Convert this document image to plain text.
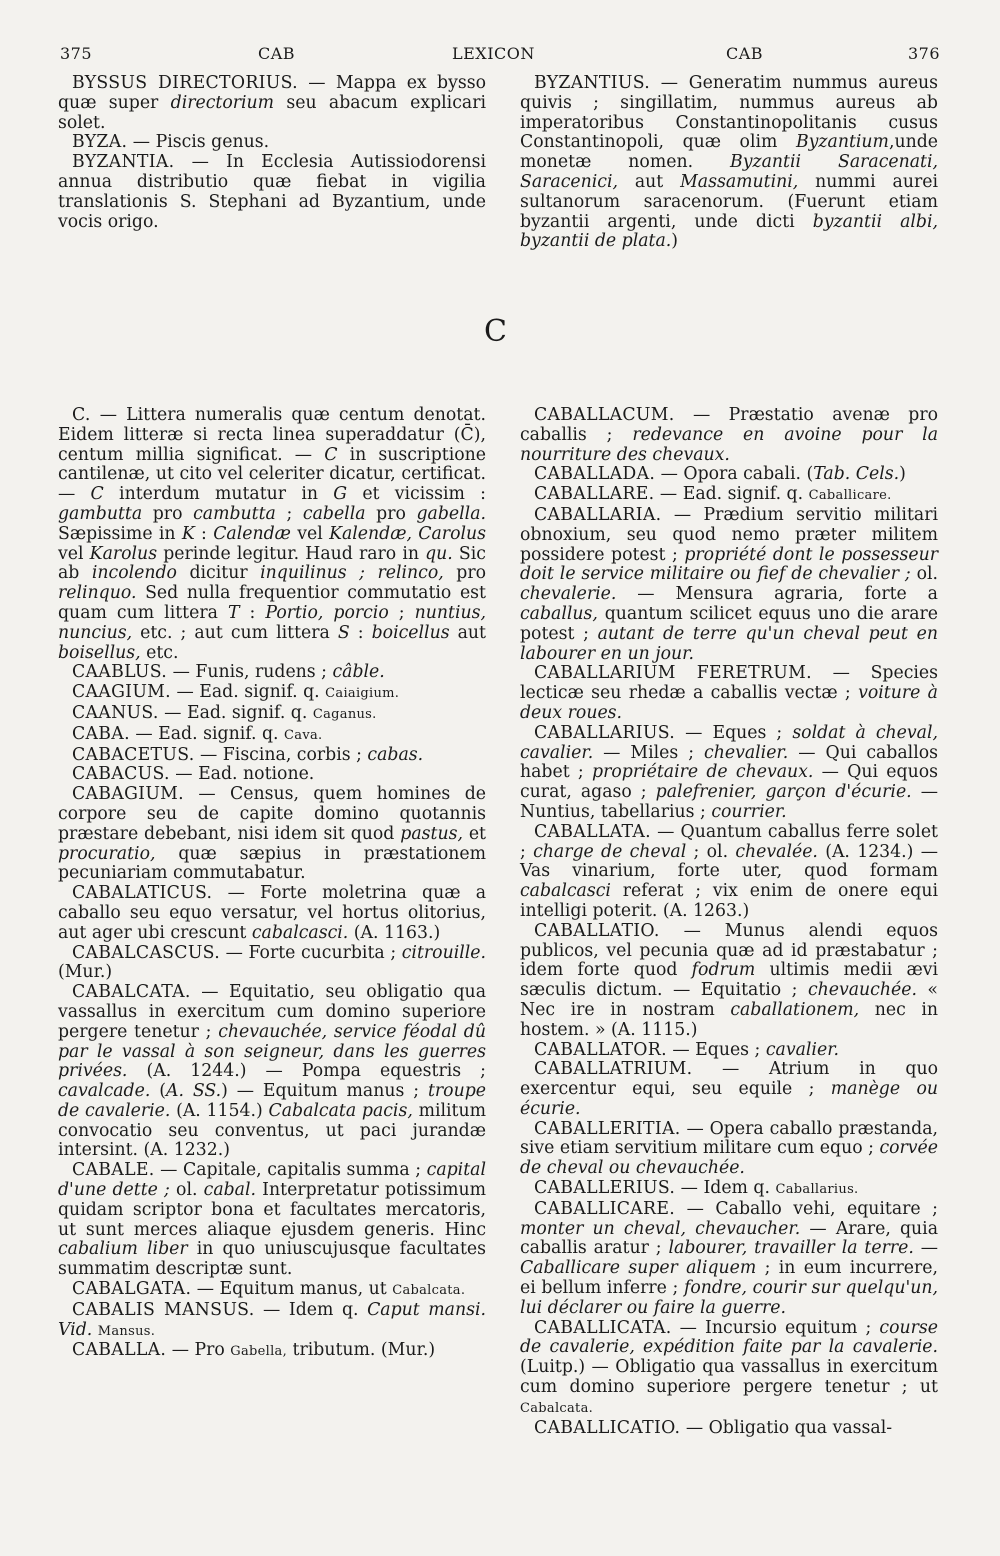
375	CAB	LEXICON	CAB	376

BYSSUS DIRECTORIUS. — Mappa ex bysso quæ super directorium seu abacum explicari solet.

BYZA. — Piscis genus.

BYZANTIA. — In Ecclesia Autissiodorensi annua distributio quæ fiebat in vigilia translationis S. Stephani ad Byzantium, unde vocis origo.

BYZANTIUS. — Generatim nummus aureus quivis ; singillatim, nummus aureus ab imperatoribus Constantinopolitanis cusus Constantinopoli, quæ olim Byzantium,unde monetæ nomen. Byzantii Saracenati, Saracenici, aut Massamutini, nummi aurei sultanorum saracenorum. (Fuerunt etiam byzantii argenti, unde dicti byzantii albi, byzantii de plata.)

C

C. — Littera numeralis quæ centum denotat. Eidem litteræ si recta linea superaddatur (C̄), centum millia significat. — C in suscriptione cantilenæ, ut cito vel celeriter dicatur, certificat. — C interdum mutatur in G et vicissim : gambutta pro cambutta ; cabella pro gabella. Sæpissime in K : Calendæ vel Kalendæ, Carolus vel Karolus perinde legitur. Haud raro in qu. Sic ab incolendo dicitur inquilinus ; relinco, pro relinquo. Sed nulla frequentior commutatio est quam cum littera T : Portio, porcio ; nuntius, nuncius, etc. ; aut cum littera S : boicellus aut boisellus, etc.

CAABLUS. — Funis, rudens ; câble.

CAAGIUM. — Ead. signif. q. Caiaigium.

CAANUS. — Ead. signif. q. Caganus.

CABA. — Ead. signif. q. Cava.

CABACETUS. — Fiscina, corbis ; cabas.

CABACUS. — Ead. notione.

CABAGIUM. — Census, quem homines de corpore seu de capite domino quotannis præstare debebant, nisi idem sit quod pastus, et procuratio, quæ sæpius in præstationem pecuniariam commutabatur.

CABALATICUS. — Forte moletrina quæ a caballo seu equo versatur, vel hortus olitorius, aut ager ubi crescunt cabalcasci. (A. 1163.)

CABALCASCUS. — Forte cucurbita ; citrouille. (Mur.)

CABALCATA. — Equitatio, seu obligatio qua vassallus in exercitum cum domino superiore pergere tenetur ; chevauchée, service féodal dû par le vassal à son seigneur, dans les guerres privées. (A. 1244.) — Pompa equestris ; cavalcade. (A. SS.) — Equitum manus ; troupe de cavalerie. (A. 1154.) Cabalcata pacis, militum convocatio seu conventus, ut paci jurandæ intersint. (A. 1232.)

CABALE. — Capitale, capitalis summa ; capital d'une dette ; ol. cabal. Interpretatur potissimum quidam scriptor bona et facultates mercatoris, ut sunt merces aliaque ejusdem generis. Hinc cabalium liber in quo uniuscujusque facultates summatim descriptæ sunt.

CABALGATA. — Equitum manus, ut Cabalcata.

CABALIS MANSUS. — Idem q. Caput mansi. Vid. Mansus.

CABALLA. — Pro Gabella, tributum. (Mur.)

CABALLACUM. — Præstatio avenæ pro caballis ; redevance en avoine pour la nourriture des chevaux.

CABALLADA. — Opora cabali. (Tab. Cels.)

CABALLARE. — Ead. signif. q. Caballicare.

CABALLARIA. — Prædium servitio militari obnoxium, seu quod nemo præter militem possidere potest ; propriété dont le possesseur doit le service militaire ou fief de chevalier ; ol. chevalerie. — Mensura agraria, forte a caballus, quantum scilicet equus uno die arare potest ; autant de terre qu'un cheval peut en labourer en un jour.

CABALLARIUM FERETRUM. — Species lecticæ seu rhedæ a caballis vectæ ; voiture à deux roues.

CABALLARIUS. — Eques ; soldat à cheval, cavalier. — Miles ; chevalier. — Qui caballos habet ; propriétaire de chevaux. — Qui equos curat, agaso ; palefrenier, garçon d'écurie. — Nuntius, tabellarius ; courrier.

CABALLATA. — Quantum caballus ferre solet ; charge de cheval ; ol. chevalée. (A. 1234.) — Vas vinarium, forte uter, quod formam cabalcasci referat ; vix enim de onere equi intelligi poterit. (A. 1263.)

CABALLATIO. — Munus alendi equos publicos, vel pecunia quæ ad id præstabatur ; idem forte quod fodrum ultimis medii ævi sæculis dictum. — Equitatio ; chevauchée. « Nec ire in nostram caballationem, nec in hostem. » (A. 1115.)

CABALLATOR. — Eques ; cavalier.

CABALLATRIUM. — Atrium in quo exercentur equi, seu equile ; manège ou écurie.

CABALLERITIA. — Opera caballo præstanda, sive etiam servitium militare cum equo ; corvée de cheval ou chevauchée.

CABALLERIUS. — Idem q. Caballarius.

CABALLICARE. — Caballo vehi, equitare ; monter un cheval, chevaucher. — Arare, quia caballis aratur ; labourer, travailler la terre. — Caballicare super aliquem ; in eum incurrere, ei bellum inferre ; fondre, courir sur quelqu'un, lui déclarer ou faire la guerre.

CABALLICATA. — Incursio equitum ; course de cavalerie, expédition faite par la cavalerie. (Luitp.) — Obligatio qua vassallus in exercitum cum domino superiore pergere tenetur ; ut Cabalcata.

CABALLICATIO. — Obligatio qua vassal-
